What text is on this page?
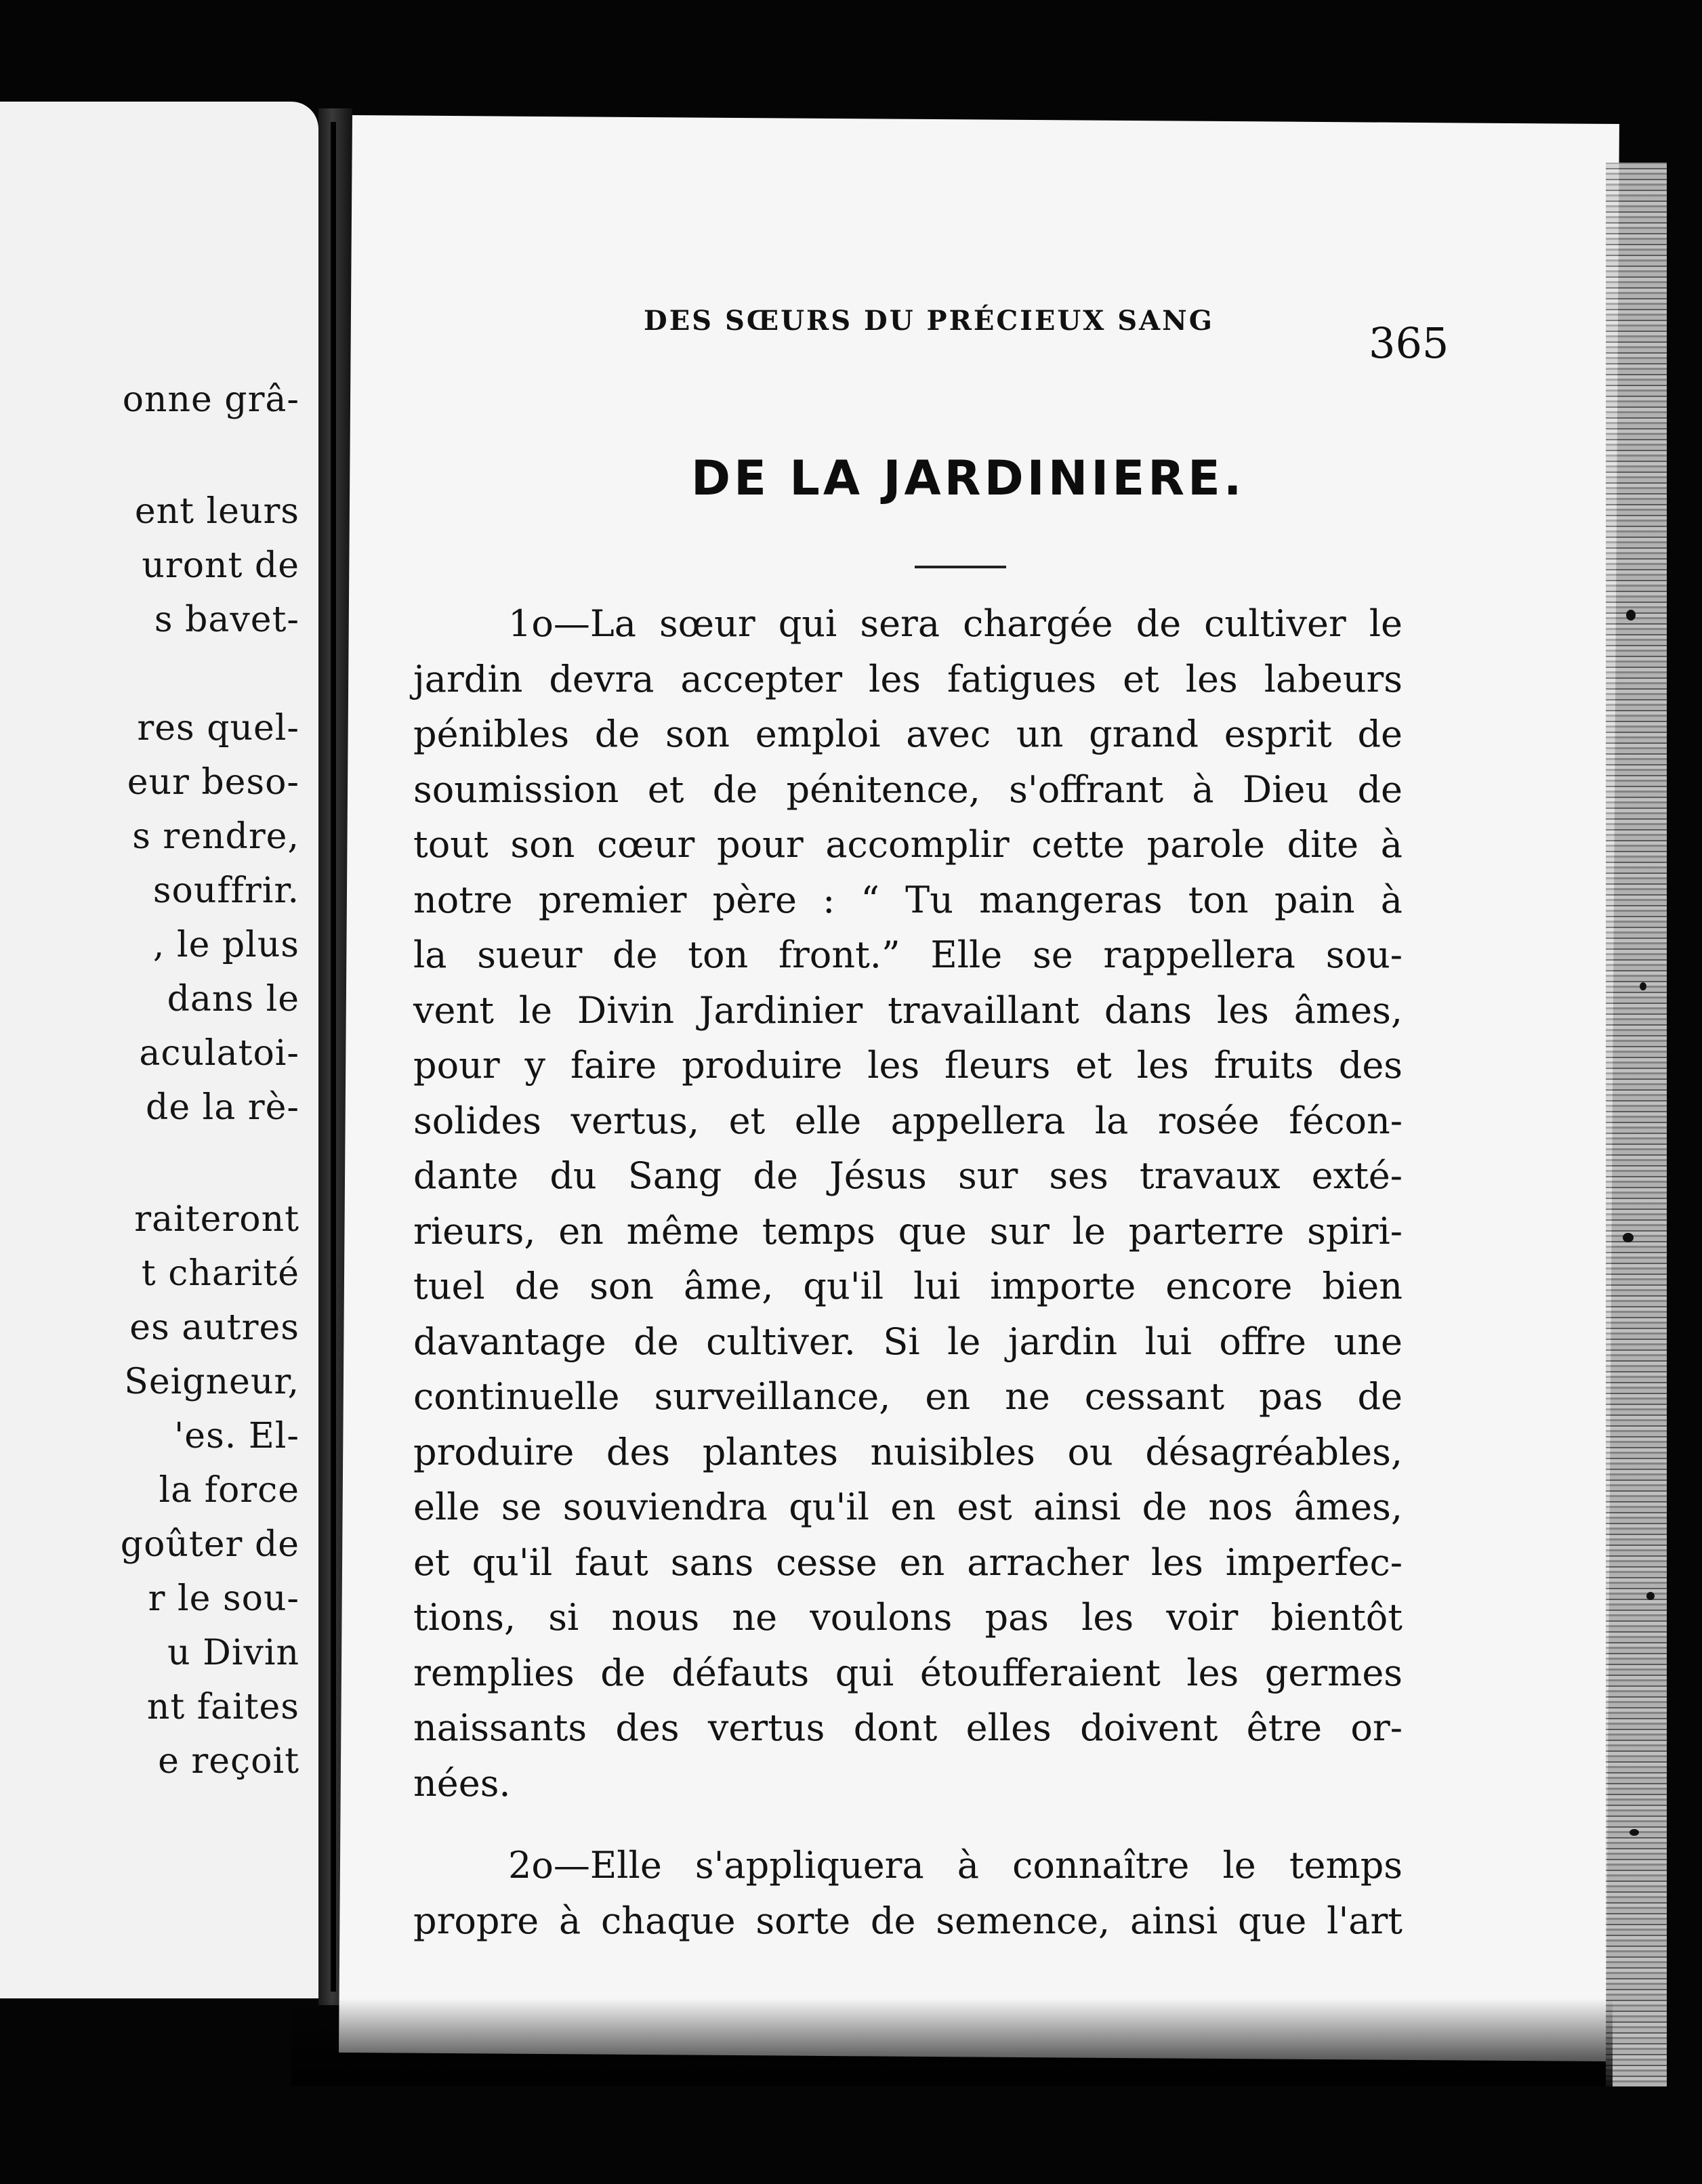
onne grâ-
ent leurs
uront de
s bavet-
res quel-
eur beso-
s rendre,
souffrir.
, le plus
dans le
aculatoi-
de la rè-
raiteront
t charité
es autres
Seigneur,
'es. El-
la force
goûter de
r le sou-
u Divin
nt faites
e reçoit
DES SŒURS DU PRÉCIEUX SANG	365
DE LA JARDINIERE.
1o—La sœur qui sera chargée de cultiver le
jardin devra accepter les fatigues et les labeurs
pénibles de son emploi avec un grand esprit de
soumission et de pénitence, s'offrant à Dieu de
tout son cœur pour accomplir cette parole dite à
notre premier père : “ Tu mangeras ton pain à
la sueur de ton front.” Elle se rappellera sou-
vent le Divin Jardinier travaillant dans les âmes,
pour y faire produire les fleurs et les fruits des
solides vertus, et elle appellera la rosée fécon-
dante du Sang de Jésus sur ses travaux exté-
rieurs, en même temps que sur le parterre spiri-
tuel de son âme, qu'il lui importe encore bien
davantage de cultiver. Si le jardin lui offre une
continuelle surveillance, en ne cessant pas de
produire des plantes nuisibles ou désagréables,
elle se souviendra qu'il en est ainsi de nos âmes,
et qu'il faut sans cesse en arracher les imperfec-
tions, si nous ne voulons pas les voir bientôt
remplies de défauts qui étoufferaient les germes
naissants des vertus dont elles doivent être or-
nées.
2o—Elle s'appliquera à connaître le temps
propre à chaque sorte de semence, ainsi que l'art
